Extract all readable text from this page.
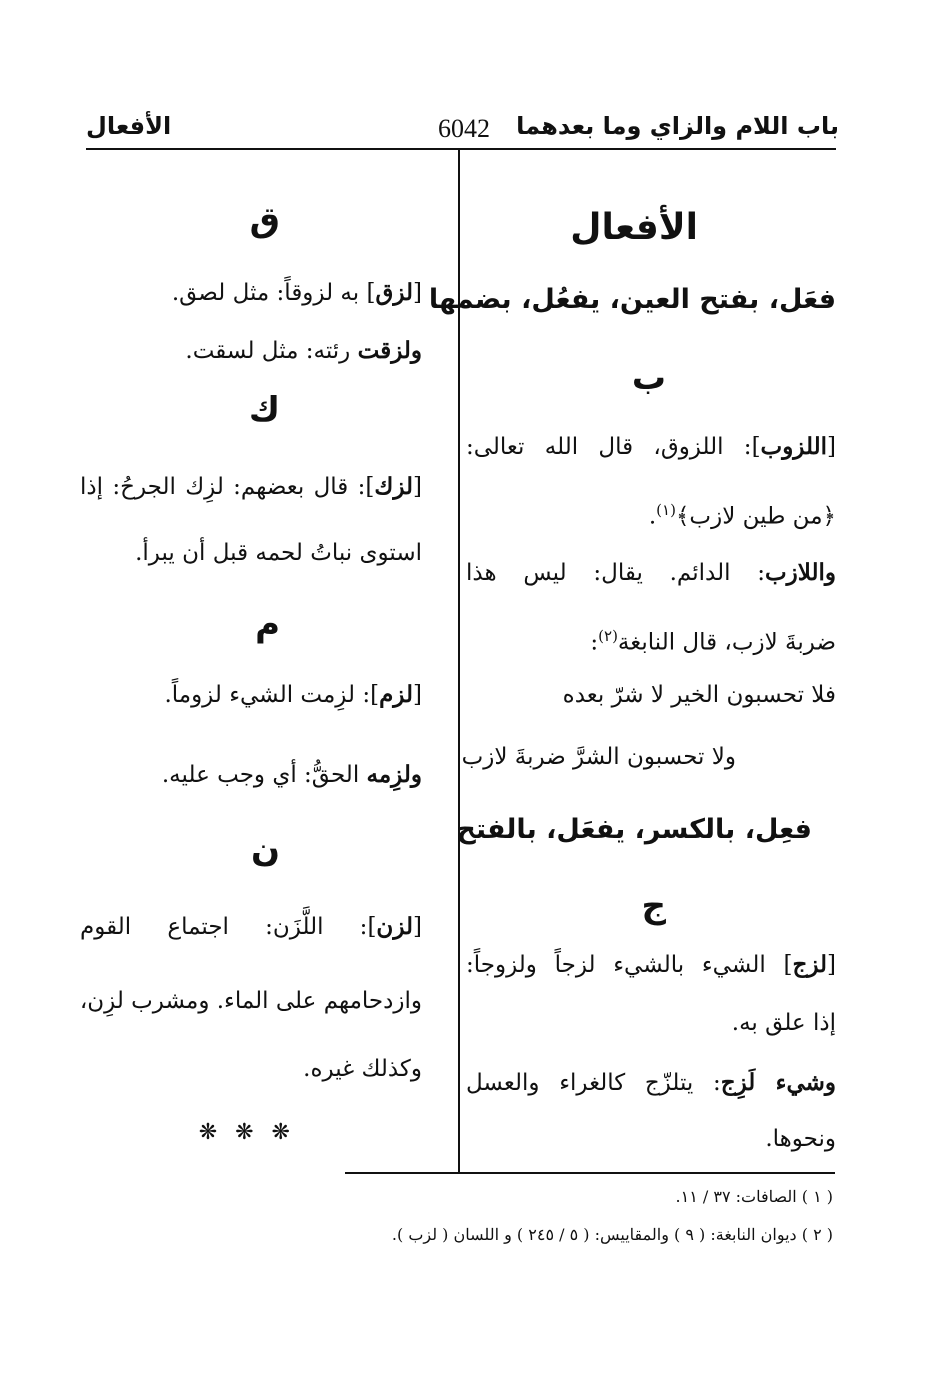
باب اللام والزاي وما بعدهما
6042
الأفعال
الأفعال
فعَل، بفتح العين، يفعُل، بضمها
ب
[اللزوب]: اللزوق، قال الله تعالى:
﴿من طين لازب﴾$^{(١)}$.
واللازب: الدائم. يقال: ليس هذا
ضربةَ لازب، قال النابغة$^{(٢)}$:
فلا تحسبون الخير لا شرّ بعده
ولا تحسبون الشرَّ ضربةَ لازب
فعِل، بالكسر، يفعَل، بالفتح
ج
[لزج] الشيء بالشيء لزجاً ولزوجاً:
إذا علق به.
وشيء لَزِج: يتلزّج كالغراء والعسل
ونحوها.
ق
[لزق] به لزوقاً: مثل لصق.
ولزقت رئته: مثل لسقت.
ك
[لزك]: قال بعضهم: لزِك الجرحُ: إذا
استوى نباتُ لحمه قبل أن يبرأ.
م
[لزم]: لزِمت الشيء لزوماً.
ولزِمه الحقُّ: أي وجب عليه.
ن
[لزن]: اللَّزَن: اجتماع القوم
وازدحامهم على الماء. ومشرب لزِن،
وكذلك غيره.
❋❋❋
( ١ ) الصافات: ٣٧ / ١١.
( ٢ ) ديوان النابغة: ( ٩ ) والمقاييس: ( ٥ / ٢٤٥ ) و اللسان ( لزب ).
